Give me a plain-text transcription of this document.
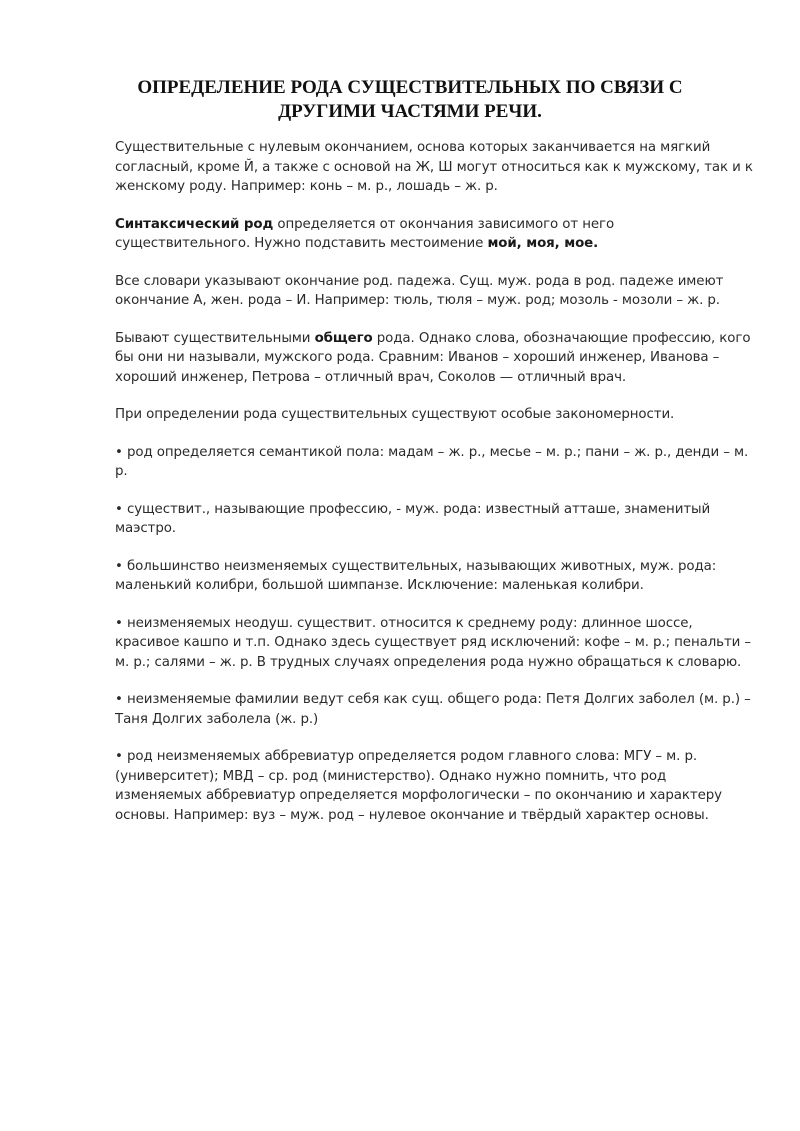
ОПРЕДЕЛЕНИЕ РОДА СУЩЕСТВИТЕЛЬНЫХ ПО СВЯЗИ С
ДРУГИМИ ЧАСТЯМИ РЕЧИ.

Существительные с нулевым окончанием, основа которых заканчивается на мягкий
согласный, кроме Й, а также с основой на Ж, Ш могут относиться как к мужскому, так и к
женскому роду. Например: конь – м. р., лошадь – ж. р.

Синтаксический род определяется от окончания зависимого от него
существительного. Нужно подставить местоимение мой, моя, мое.

Все словари указывают окончание род. падежа. Сущ. муж. рода в род. падеже имеют
окончание А, жен. рода – И. Например: тюль, тюля – муж. род; мозоль - мозоли – ж. р.

Бывают существительными общего рода. Однако слова, обозначающие профессию, кого
бы они ни называли, мужского рода. Сравним: Иванов – хороший инженер, Иванова –
хороший инженер, Петрова – отличный врач, Соколов — отличный врач.

При определении рода существительных существуют особые закономерности.

• род определяется семантикой пола: мадам – ж. р., месье – м. р.; пани – ж. р., денди – м.
р.

• существит., называющие профессию, - муж. рода: известный атташе, знаменитый
маэстро.

• большинство неизменяемых существительных, называющих животных, муж. рода:
маленький колибри, большой шимпанзе. Исключение: маленькая колибри.

• неизменяемых неодуш. существит. относится к среднему роду: длинное шоссе,
красивое кашпо и т.п. Однако здесь существует ряд исключений: кофе – м. р.; пенальти –
м. р.; салями – ж. р. В трудных случаях определения рода нужно обращаться к словарю.

• неизменяемые фамилии ведут себя как сущ. общего рода: Петя Долгих заболел (м. р.) –
Таня Долгих заболела (ж. р.)

• род неизменяемых аббревиатур определяется родом главного слова: МГУ – м. р.
(университет); МВД – ср. род (министерство). Однако нужно помнить, что род
изменяемых аббревиатур определяется морфологически – по окончанию и характеру
основы. Например: вуз – муж. род – нулевое окончание и твёрдый характер основы.
